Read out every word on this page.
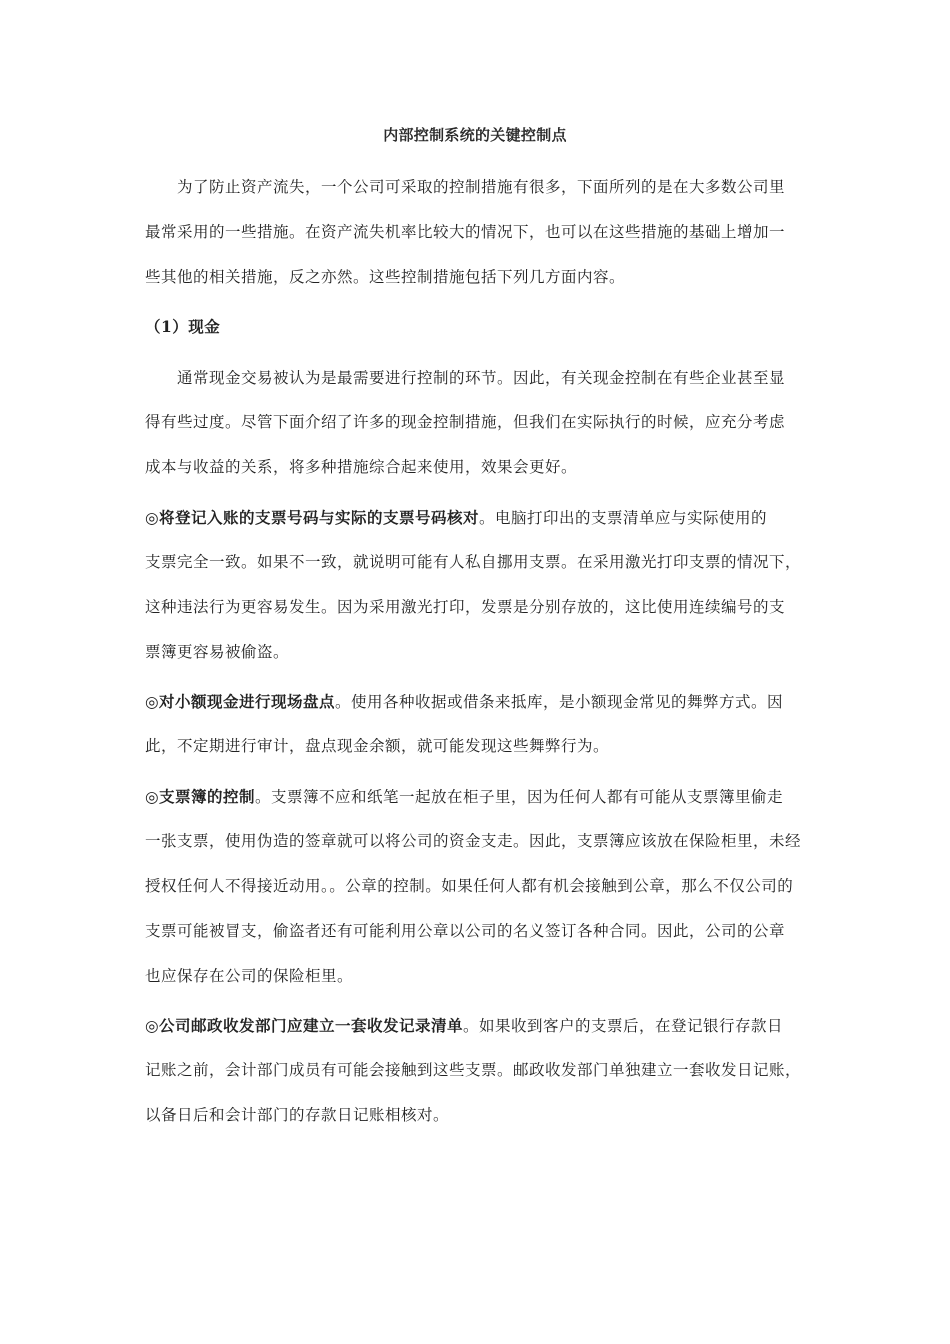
内部控制系统的关键控制点
为了防止资产流失，一个公司可采取的控制措施有很多，下面所列的是在大多数公司里
最常采用的一些措施。在资产流失机率比较大的情况下，也可以在这些措施的基础上增加一
些其他的相关措施，反之亦然。这些控制措施包括下列几方面内容。
（1）现金
通常现金交易被认为是最需要进行控制的环节。因此，有关现金控制在有些企业甚至显
得有些过度。尽管下面介绍了许多的现金控制措施，但我们在实际执行的时候，应充分考虑
成本与收益的关系，将多种措施综合起来使用，效果会更好。
◎将登记入账的支票号码与实际的支票号码核对。电脑打印出的支票清单应与实际使用的
支票完全一致。如果不一致，就说明可能有人私自挪用支票。在采用激光打印支票的情况下，
这种违法行为更容易发生。因为采用激光打印，发票是分别存放的，这比使用连续编号的支
票簿更容易被偷盗。
◎对小额现金进行现场盘点。使用各种收据或借条来抵库，是小额现金常见的舞弊方式。因
此，不定期进行审计，盘点现金余额，就可能发现这些舞弊行为。
◎支票簿的控制。支票簿不应和纸笔一起放在柜子里，因为任何人都有可能从支票簿里偷走
一张支票，使用伪造的签章就可以将公司的资金支走。因此，支票簿应该放在保险柜里，未经
授权任何人不得接近动用。。公章的控制。如果任何人都有机会接触到公章，那么不仅公司的
支票可能被冒支，偷盗者还有可能利用公章以公司的名义签订各种合同。因此，公司的公章
也应保存在公司的保险柜里。
◎公司邮政收发部门应建立一套收发记录清单。如果收到客户的支票后，在登记银行存款日
记账之前，会计部门成员有可能会接触到这些支票。邮政收发部门单独建立一套收发日记账，
以备日后和会计部门的存款日记账相核对。
